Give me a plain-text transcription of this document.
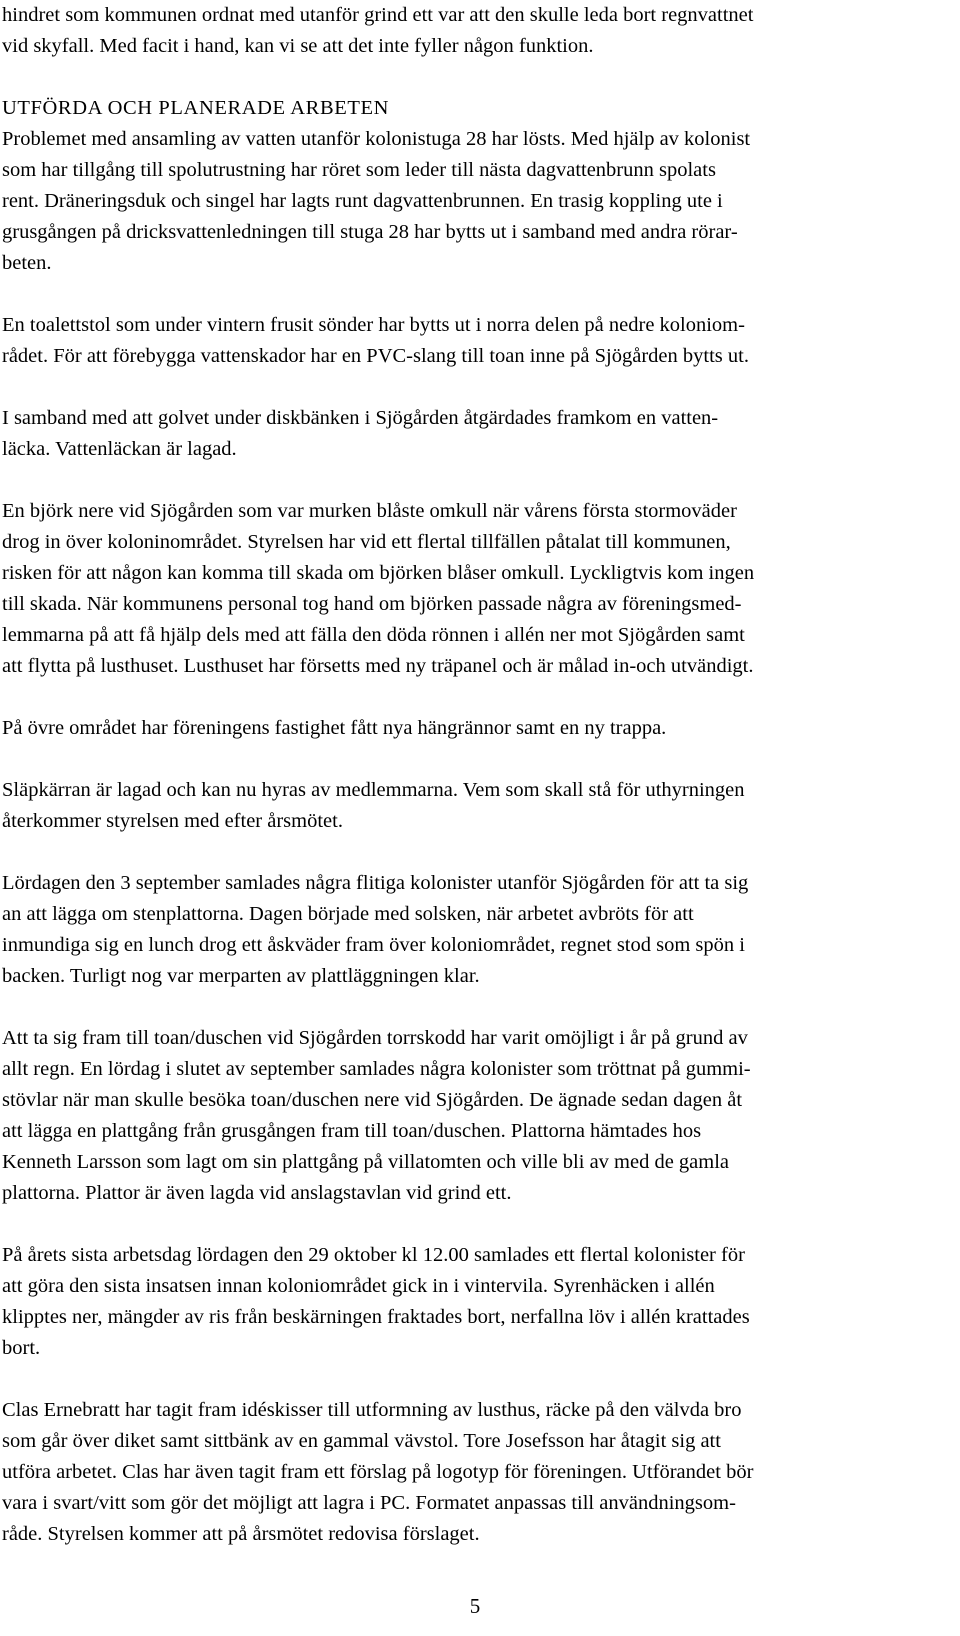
hindret som kommunen ordnat med utanför grind ett var att den skulle leda bort regnvattnet
vid skyfall. Med facit i hand, kan vi se att det inte fyller någon funktion.
UTFÖRDA OCH PLANERADE ARBETEN
Problemet med ansamling av vatten utanför kolonistuga 28 har lösts. Med hjälp av kolonist
som har tillgång till spolutrustning har röret som leder till nästa dagvattenbrunn spolats
rent. Dräneringsduk och singel har lagts runt dagvattenbrunnen. En trasig koppling ute i
grusgången på dricksvattenledningen till stuga 28 har bytts ut i samband med andra rörar-
beten.
En toalettstol som under vintern frusit sönder har bytts ut i norra delen på nedre koloniom-
rådet. För att förebygga vattenskador har en PVC-slang till toan inne på Sjögården bytts ut.
I samband med att golvet under diskbänken i Sjögården åtgärdades framkom en vatten-
läcka. Vattenläckan är lagad.
En björk nere vid Sjögården som var murken blåste omkull när vårens första stormoväder
drog in över koloninområdet. Styrelsen har vid ett flertal tillfällen påtalat till kommunen,
risken för att någon kan komma till skada om björken blåser omkull. Lyckligtvis kom ingen
till skada. När kommunens personal tog hand om björken passade några av föreningsmed-
lemmarna på att få hjälp dels med att fälla den döda rönnen i allén ner mot Sjögården samt
att flytta på lusthuset. Lusthuset har försetts med ny träpanel och är målad in-och utvändigt.
På övre området har föreningens fastighet fått nya hängrännor samt en ny trappa.
Släpkärran är lagad och kan nu hyras av medlemmarna. Vem som skall stå för uthyrningen
återkommer styrelsen med efter årsmötet.
Lördagen den 3 september samlades några flitiga kolonister utanför Sjögården för att ta sig
an att lägga om stenplattorna. Dagen började med solsken, när arbetet avbröts för att
inmundiga sig en lunch drog ett åskväder fram över koloniområdet, regnet stod som spön i
backen. Turligt nog var merparten av plattläggningen klar.
Att ta sig fram till toan/duschen vid Sjögården torrskodd har varit omöjligt i år på grund av
allt regn. En lördag i slutet av september samlades några kolonister som tröttnat på gummi-
stövlar när man skulle besöka toan/duschen nere vid Sjögården. De ägnade sedan dagen åt
att lägga en plattgång från grusgången fram till toan/duschen. Plattorna hämtades hos
Kenneth Larsson som lagt om sin plattgång på villatomten och ville bli av med de gamla
plattorna. Plattor är även lagda vid anslagstavlan vid grind ett.
På årets sista arbetsdag lördagen den 29 oktober kl 12.00 samlades ett flertal kolonister för
att göra den sista insatsen innan koloniområdet gick in i vintervila. Syrenhäcken i allén
klipptes ner, mängder av ris från beskärningen fraktades bort, nerfallna löv i allén krattades
bort.
Clas Ernebratt har tagit fram idéskisser till utformning av lusthus, räcke på den välvda bro
som går över diket samt sittbänk av en gammal vävstol. Tore Josefsson har åtagit sig att
utföra arbetet. Clas har även tagit fram ett förslag på logotyp för föreningen. Utförandet bör
vara i svart/vitt som gör det möjligt att lagra i PC. Formatet anpassas till användningsom-
råde. Styrelsen kommer att på årsmötet redovisa förslaget.
5
